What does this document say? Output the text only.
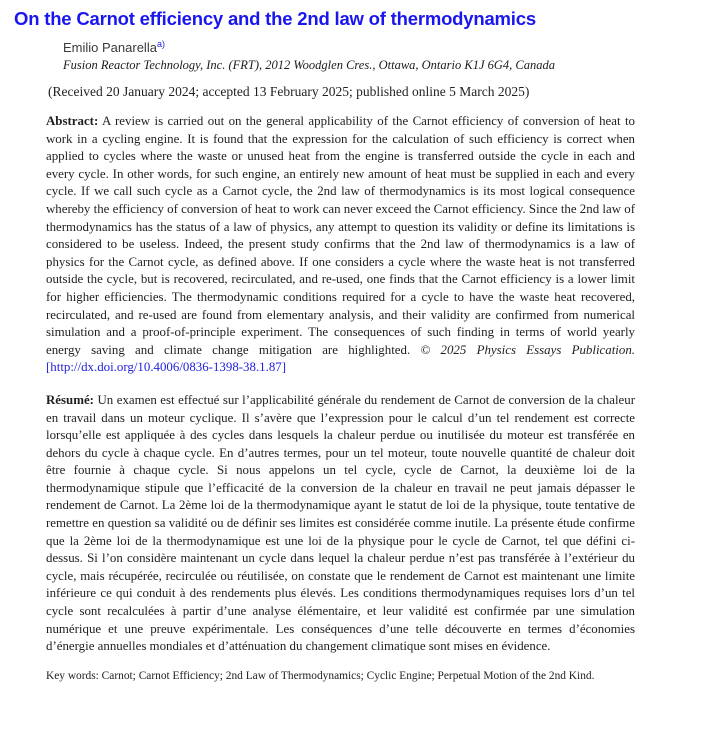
On the Carnot efficiency and the 2nd law of thermodynamics
Emilio Panarella$^{a)}$
Fusion Reactor Technology, Inc. (FRT), 2012 Woodglen Cres., Ottawa, Ontario K1J 6G4, Canada
(Received 20 January 2024; accepted 13 February 2025; published online 5 March 2025)

Abstract: A review is carried out on the general applicability of the Carnot efficiency of conversion of heat to work in a cycling engine. It is found that the expression for the calculation of such efficiency is correct when applied to cycles where the waste or unused heat from the engine is transferred outside the cycle in each and every cycle. In other words, for such engine, an entirely new amount of heat must be supplied in each and every cycle. If we call such cycle as a Carnot cycle, the 2nd law of thermodynamics is its most logical consequence whereby the efficiency of conversion of heat to work can never exceed the Carnot efficiency. Since the 2nd law of thermodynamics has the status of a law of physics, any attempt to question its validity or define its limitations is considered to be useless. Indeed, the present study confirms that the 2nd law of thermodynamics is a law of physics for the Carnot cycle, as defined above. If one considers a cycle where the waste heat is not transferred outside the cycle, but is recovered, recirculated, and re-used, one finds that the Carnot efficiency is a lower limit for higher efficiencies. The thermodynamic conditions required for a cycle to have the waste heat recovered, recirculated, and re-used are found from elementary analysis, and their validity are confirmed from numerical simulation and a proof-of-principle experiment. The consequences of such finding in terms of world yearly energy saving and climate change mitigation are highlighted. © 2025 Physics Essays Publication. [http://dx.doi.org/10.4006/0836-1398-38.1.87]

Résumé: Un examen est effectué sur l’applicabilité générale du rendement de Carnot de conversion de la chaleur en travail dans un moteur cyclique. Il s’avère que l’expression pour le calcul d’un tel rendement est correcte lorsqu’elle est appliquée à des cycles dans lesquels la chaleur perdue ou inutilisée du moteur est transférée en dehors du cycle à chaque cycle. En d’autres termes, pour un tel moteur, toute nouvelle quantité de chaleur doit être fournie à chaque cycle. Si nous appelons un tel cycle, cycle de Carnot, la deuxième loi de la thermodynamique stipule que l’efficacité de la conversion de la chaleur en travail ne peut jamais dépasser le rendement de Carnot. La 2ème loi de la thermodynamique ayant le statut de loi de la physique, toute tentative de remettre en question sa validité ou de définir ses limites est considérée comme inutile. La présente étude confirme que la 2ème loi de la thermodynamique est une loi de la physique pour le cycle de Carnot, tel que défini ci-dessus. Si l’on considère maintenant un cycle dans lequel la chaleur perdue n’est pas transférée à l’extérieur du cycle, mais récupérée, recirculée ou réutilisée, on constate que le rendement de Carnot est maintenant une limite inférieure ce qui conduit à des rendements plus élevés. Les conditions thermodynamiques requises lors d’un tel cycle sont recalculées à partir d’une analyse élémentaire, et leur validité est confirmée par une simulation numérique et une preuve expérimentale. Les conséquences d’une telle découverte en termes d’économies d’énergie annuelles mondiales et d’atténuation du changement climatique sont mises en évidence.

Key words: Carnot; Carnot Efficiency; 2nd Law of Thermodynamics; Cyclic Engine; Perpetual Motion of the 2nd Kind.
